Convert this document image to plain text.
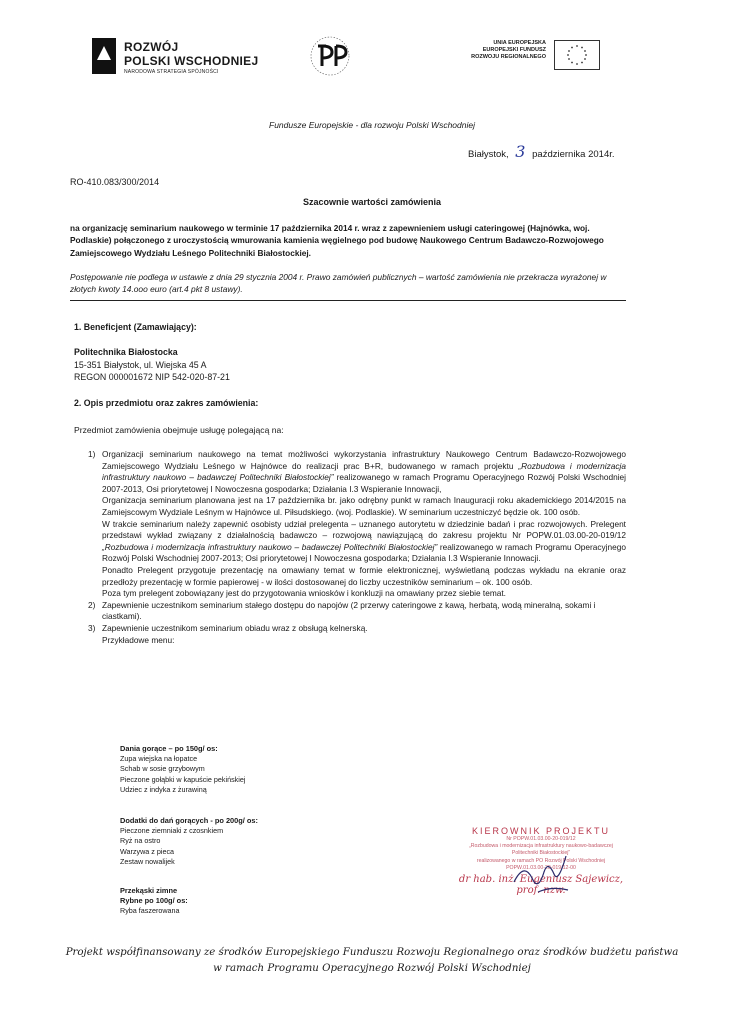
ROZWÓJ
POLSKI WSCHODNIEJ
NARODOWA STRATEGIA SPÓJNOŚCI
UNIA EUROPEJSKA
EUROPEJSKI FUNDUSZ
ROZWOJU REGIONALNEGO
Fundusze Europejskie - dla rozwoju Polski Wschodniej
Białystok, 3 października 2014r.
RO-410.083/300/2014
Szacownie wartości zamówienia
na organizację seminarium naukowego w terminie 17 października 2014 r. wraz z zapewnieniem usługi cateringowej (Hajnówka, woj. Podlaskie) połączonego z uroczystością wmurowania kamienia węgielnego pod budowę Naukowego Centrum Badawczo-Rozwojowego Zamiejscowego Wydziału Leśnego Politechniki Białostockiej.
Postępowanie nie podlega w ustawie z dnia 29 stycznia 2004 r. Prawo zamówień publicznych – wartość zamówienia nie przekracza wyrażonej w złotych kwoty 14.ooo euro (art.4 pkt 8 ustawy).
1. Beneficjent (Zamawiający):
Politechnika Białostocka
15-351 Białystok, ul. Wiejska 45 A
REGON 000001672 NIP 542-020-87-21
2. Opis przedmiotu oraz zakres zamówienia:
Przedmiot zamówienia obejmuje usługę polegającą na:
1) Organizacji seminarium naukowego na temat możliwości wykorzystania infrastruktury Naukowego Centrum Badawczo-Rozwojowego Zamiejscowego Wydziału Leśnego w Hajnówce do realizacji prac B+R, budowanego w ramach projektu „Rozbudowa i modernizacja infrastruktury naukowo – badawczej Politechniki Białostockiej” realizowanego w ramach Programu Operacyjnego Rozwój Polski Wschodniej 2007-2013, Osi priorytetowej I Nowoczesna gospodarka; Działania I.3 Wspieranie Innowacji,
Organizacja seminarium planowana jest na 17 października br. jako odrębny punkt w ramach Inauguracji roku akademickiego 2014/2015 na Zamiejscowym Wydziale Leśnym w Hajnówce ul. Piłsudskiego. (woj. Podlaskie). W seminarium uczestniczyć będzie ok. 100 osób.
W trakcie seminarium należy zapewnić osobisty udział prelegenta – uznanego autorytetu w dziedzinie badań i prac rozwojowych. Prelegent przedstawi wykład związany z działalnością badawczo – rozwojową nawiązującą do zakresu projektu Nr POPW.01.03.00-20-019/12 „Rozbudowa i modernizacja infrastruktury naukowo – badawczej Politechniki Białostockiej” realizowanego w ramach Programu Operacyjnego Rozwój Polski Wschodniej 2007-2013; Osi priorytetowej I Nowoczesna gospodarka; Działania I.3 Wspieranie Innowacji.
Ponadto Prelegent przygotuje prezentację na omawiany temat w formie elektronicznej, wyświetlaną podczas wykładu na ekranie oraz przedłoży prezentację w formie papierowej - w ilości dostosowanej do liczby uczestników seminarium – ok. 100 osób.
Poza tym prelegent zobowiązany jest do przygotowania wniosków i konkluzji na omawiany przez siebie temat.
2) Zapewnienie uczestnikom seminarium stałego dostępu do napojów (2 przerwy cateringowe z kawą, herbatą, wodą mineralną, sokami i ciastkami).
3) Zapewnienie uczestnikom seminarium obiadu wraz z obsługą kelnerską.
Przykładowe menu:
Dania gorące – po 150g/ os:
Zupa wiejska na łopatce
Schab w sosie grzybowym
Pieczone gołąbki w kapuście pekińskiej
Udziec z indyka z żurawiną
Dodatki do dań gorących - po 200g/ os:
Pieczone ziemniaki z czosnkiem
Ryż na ostro
Warzywa z pieca
Zestaw nowalijek
Przekąski zimne
Rybne po 100g/ os:
Ryba faszerowana
KIEROWNIK PROJEKTU
Nr POPW.01.03.00-20-019/12
„Rozbudowa i modernizacja infrastruktury naukowo-badawczej
Politechniki Białostockiej”
realizowanego w ramach PO Rozwój Polski Wschodniej
POPW.01.03.00-20-019/12-00
dr hab. inż. Eugeniusz Sajewicz, prof. nzw.
Projekt współfinansowany ze środków Europejskiego Funduszu Rozwoju Regionalnego oraz środków budżetu państwa w ramach Programu Operacyjnego Rozwój Polski Wschodniej
